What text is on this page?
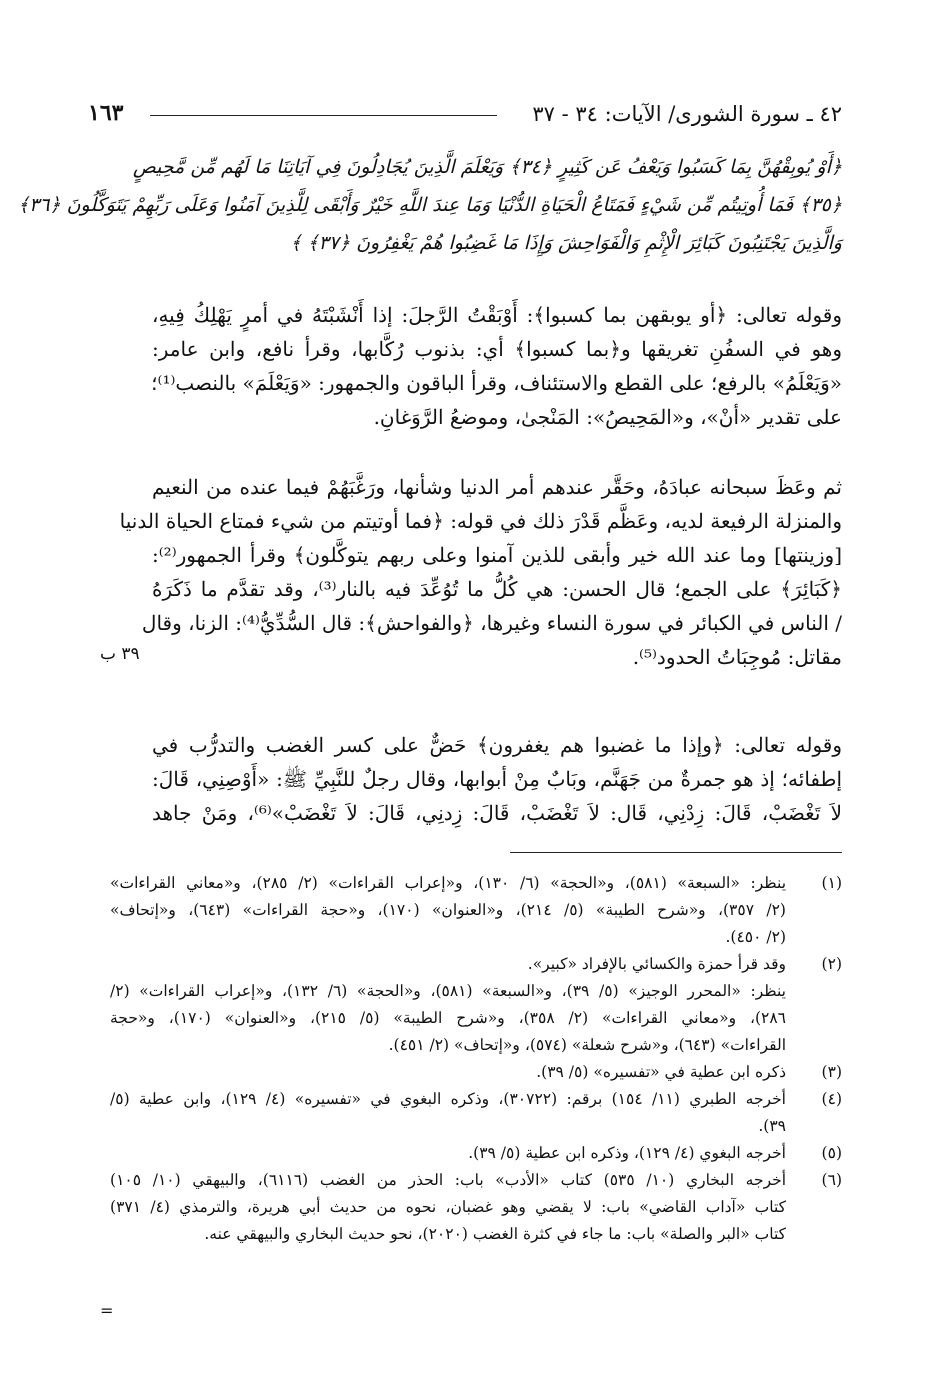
٤٢ ـ سورة الشورى/ الآيات: ٣٤ - ٣٧
١٦٣
﴿أَوْ يُوبِقْهُنَّ بِمَا كَسَبُوا وَيَعْفُ عَن كَثِيرٍ ﴿٣٤﴾ وَيَعْلَمَ الَّذِينَ يُجَادِلُونَ فِي آيَاتِنَا مَا لَهُم مِّن مَّحِيصٍ
﴿٣٥﴾ فَمَا أُوتِيتُم مِّن شَيْءٍ فَمَتَاعُ الْحَيَاةِ الدُّنْيَا وَمَا عِندَ اللَّهِ خَيْرٌ وَأَبْقَى لِلَّذِينَ آمَنُوا وَعَلَى رَبِّهِمْ يَتَوَكَّلُونَ ﴿٣٦﴾
وَالَّذِينَ يَجْتَنِبُونَ كَبَائِرَ الْإِثْمِ وَالْفَوَاحِشَ وَإِذَا مَا غَضِبُوا هُمْ يَغْفِرُونَ ﴿٣٧﴾ ﴾
وقوله تعالى: ﴿أو يوبقهن بما كسبوا﴾: أَوْبَقْتُ الرَّجلَ: إذا أَنْشَبْتَهُ في أمرٍ يَهْلِكُ فِيهِ،
وهو في السفُنِ تغريقها و﴿بما كسبوا﴾ أي: بذنوب رُكَّابها، وقرأ نافع، وابن عامر:
«وَيَعْلَمُ» بالرفع؛ على القطع والاستئناف، وقرأ الباقون والجمهور: «وَيَعْلَمَ» بالنصب⁽¹⁾؛
على تقدير «أنْ»، و«المَحِيصُ»: المَنْجىٰ، وموضعُ الرَّوَغانِ.
ثم وعَظَ سبحانه عبادَهُ، وحَقَّر عندهم أمر الدنيا وشأنها، ورَغَّبَهُمْ فيما عنده من النعيم
والمنزلة الرفيعة لديه، وعَظَّم قَدْرَ ذلك في قوله: ﴿فما أوتيتم من شيء فمتاع الحياة الدنيا
[وزينتها] وما عند الله خير وأبقى للذين آمنوا وعلى ربهم يتوكَّلون﴾ وقرأ الجمهور⁽²⁾:
﴿كَبَائِرَ﴾ على الجمع؛ قال الحسن: هي كُلُّ ما تُوُعِّدَ فيه بالنار⁽³⁾، وقد تقدَّم ما ذَكَرَهُ
/ الناس في الكبائر في سورة النساء وغيرها، ﴿والفواحش﴾: قال السُّدِّيُّ⁽⁴⁾: الزنا، وقال
مقاتل: مُوجِبَاتُ الحدود⁽⁵⁾.
٣٩ ب
وقوله تعالى: ﴿وإذا ما غضبوا هم يغفرون﴾ حَضٌّ على كسر الغضب والتدرُّب في
إطفائه؛ إذ هو جمرةٌ من جَهَنَّم، وبَابٌ مِنْ أبوابها، وقال رجلٌ للنَّبِيِّ ﷺ: «أَوْصِنِي، قَالَ:
لاَ تَغْضَبْ، قَالَ: زِدْنِي، قَال: لاَ تَغْضَبْ، قَالَ: زِدنِي، قَالَ: لاَ تَغْضَبْ»⁽⁶⁾، ومَنْ جاهد
(١)
ينظر: «السبعة» (٥٨١)، و«الحجة» (٦/ ١٣٠)، و«إعراب القراءات» (٢/ ٢٨٥)، و«معاني القراءات»
(٢/ ٣٥٧)، و«شرح الطيبة» (٥/ ٢١٤)، و«العنوان» (١٧٠)، و«حجة القراءات» (٦٤٣)، و«إتحاف»
(٢/ ٤٥٠).
(٢)
وقد قرأ حمزة والكسائي بالإفراد «كبير».
ينظر: «المحرر الوجيز» (٥/ ٣٩)، و«السبعة» (٥٨١)، و«الحجة» (٦/ ١٣٢)، و«إعراب القراءات» (٢/
٢٨٦)، و«معاني القراءات» (٢/ ٣٥٨)، و«شرح الطيبة» (٥/ ٢١٥)، و«العنوان» (١٧٠)، و«حجة
القراءات» (٦٤٣)، و«شرح شعلة» (٥٧٤)، و«إتحاف» (٢/ ٤٥١).
(٣)
ذكره ابن عطية في «تفسيره» (٥/ ٣٩).
(٤)
أخرجه الطبري (١١/ ١٥٤) برقم: (٣٠٧٢٢)، وذكره البغوي في «تفسيره» (٤/ ١٢٩)، وابن عطية (٥/
٣٩).
(٥)
أخرجه البغوي (٤/ ١٢٩)، وذكره ابن عطية (٥/ ٣٩).
(٦)
أخرجه البخاري (١٠/ ٥٣٥) كتاب «الأدب» باب: الحذر من الغضب (٦١١٦)، والبيهقي (١٠/ ١٠٥)
كتاب «آداب القاضي» باب: لا يقضي وهو غضبان، نحوه من حديث أبي هريرة، والترمذي (٤/ ٣٧١)
كتاب «البر والصلة» باب: ما جاء في كثرة الغضب (٢٠٢٠)، نحو حديث البخاري والبيهقي عنه.
=
